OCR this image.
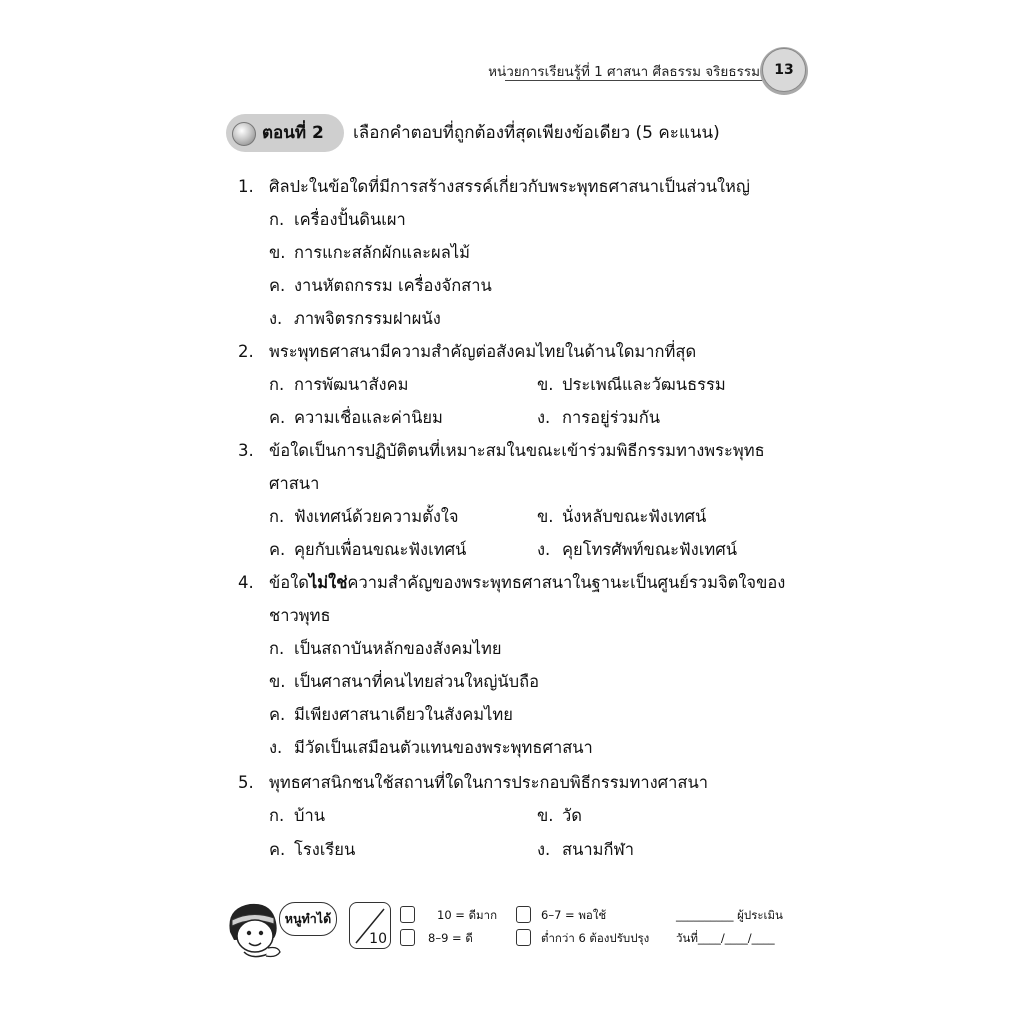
หน่วยการเรียนรู้ที่ 1 ศาสนา ศีลธรรม จริยธรรม	13
ตอนที่ 2 เลือกคำตอบที่ถูกต้องที่สุดเพียงข้อเดียว (5 คะแนน)
1. ศิลปะในข้อใดที่มีการสร้างสรรค์เกี่ยวกับพระพุทธศาสนาเป็นส่วนใหญ่
ก. เครื่องปั้นดินเผา
ข. การแกะสลักผักและผลไม้
ค. งานหัตถกรรม เครื่องจักสาน
ง. ภาพจิตรกรรมฝาผนัง
2. พระพุทธศาสนามีความสำคัญต่อสังคมไทยในด้านใดมากที่สุด
ก. การพัฒนาสังคม	ข. ประเพณีและวัฒนธรรม
ค. ความเชื่อและค่านิยม	ง. การอยู่ร่วมกัน
3. ข้อใดเป็นการปฏิบัติตนที่เหมาะสมในขณะเข้าร่วมพิธีกรรมทางพระพุทธ
ศาสนา
ก. ฟังเทศน์ด้วยความตั้งใจ	ข. นั่งหลับขณะฟังเทศน์
ค. คุยกับเพื่อนขณะฟังเทศน์	ง. คุยโทรศัพท์ขณะฟังเทศน์
4. ข้อใดไม่ใช่ความสำคัญของพระพุทธศาสนาในฐานะเป็นศูนย์รวมจิตใจของ
ชาวพุทธ
ก. เป็นสถาบันหลักของสังคมไทย
ข. เป็นศาสนาที่คนไทยส่วนใหญ่นับถือ
ค. มีเพียงศาสนาเดียวในสังคมไทย
ง. มีวัดเป็นเสมือนตัวแทนของพระพุทธศาสนา
5. พุทธศาสนิกชนใช้สถานที่ใดในการประกอบพิธีกรรมทางศาสนา
ก. บ้าน	ข. วัด
ค. โรงเรียน	ง. สนามกีฬา
หนูทำได้
10
10 = ดีมาก	6–7 = พอใช้
8–9 = ดี	ต่ำกว่า 6 ต้องปรับปรุง
__________ ผู้ประเมิน
วันที่____/____/____
